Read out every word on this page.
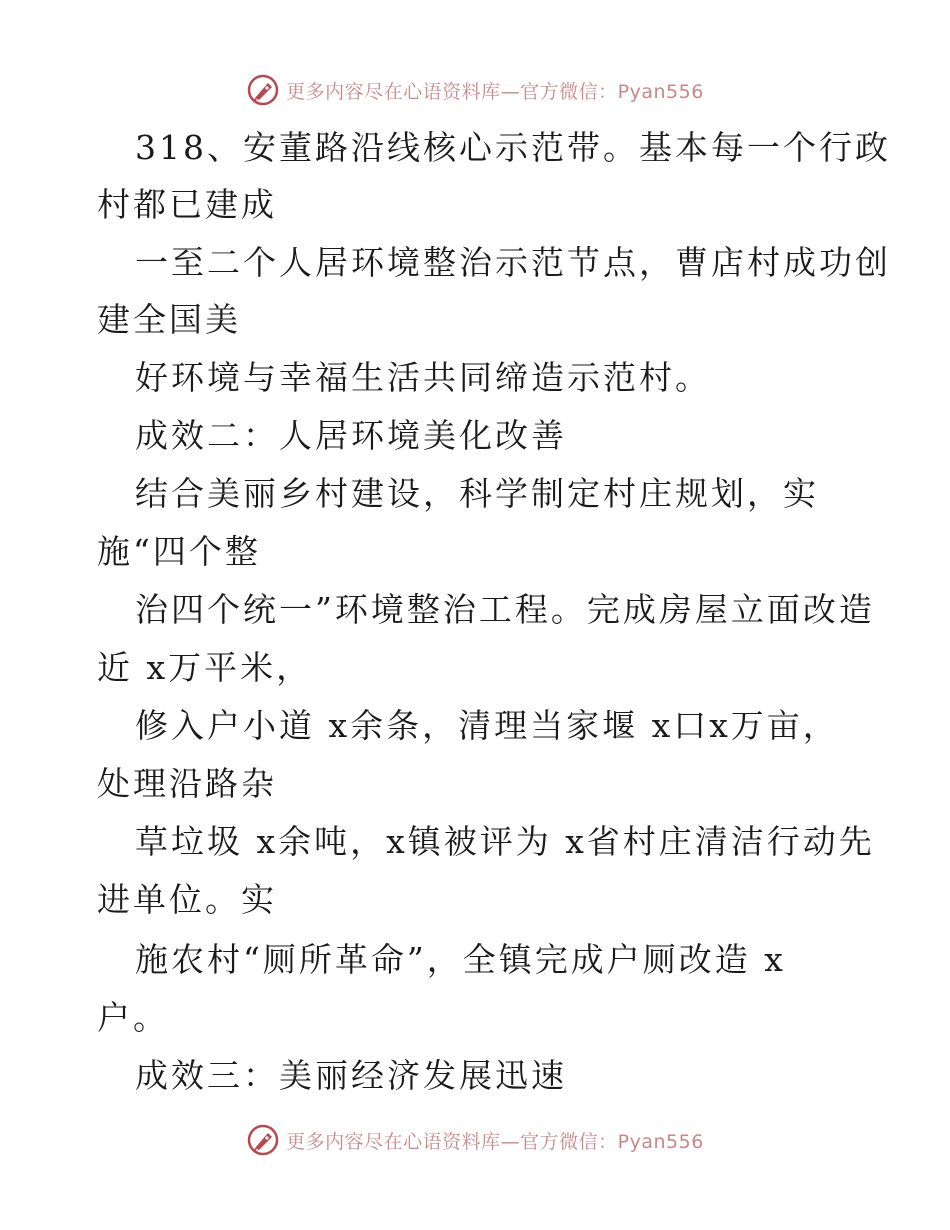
更多内容尽在心语资料库—官方微信：Pyan556
318、安董路沿线核心示范带。基本每一个行政
村都已建成
一至二个人居环境整治示范节点，曹店村成功创
建全国美
好环境与幸福生活共同缔造示范村。
成效二：人居环境美化改善
结合美丽乡村建设，科学制定村庄规划，实
施“四个整
治四个统一”环境整治工程。完成房屋立面改造
近 x万平米，
修入户小道 x余条，清理当家堰 x口x万亩，
处理沿路杂
草垃圾 x余吨，x镇被评为 x省村庄清洁行动先
进单位。实
施农村“厕所革命”，全镇完成户厕改造 x
户。
成效三：美丽经济发展迅速
更多内容尽在心语资料库—官方微信：Pyan556
